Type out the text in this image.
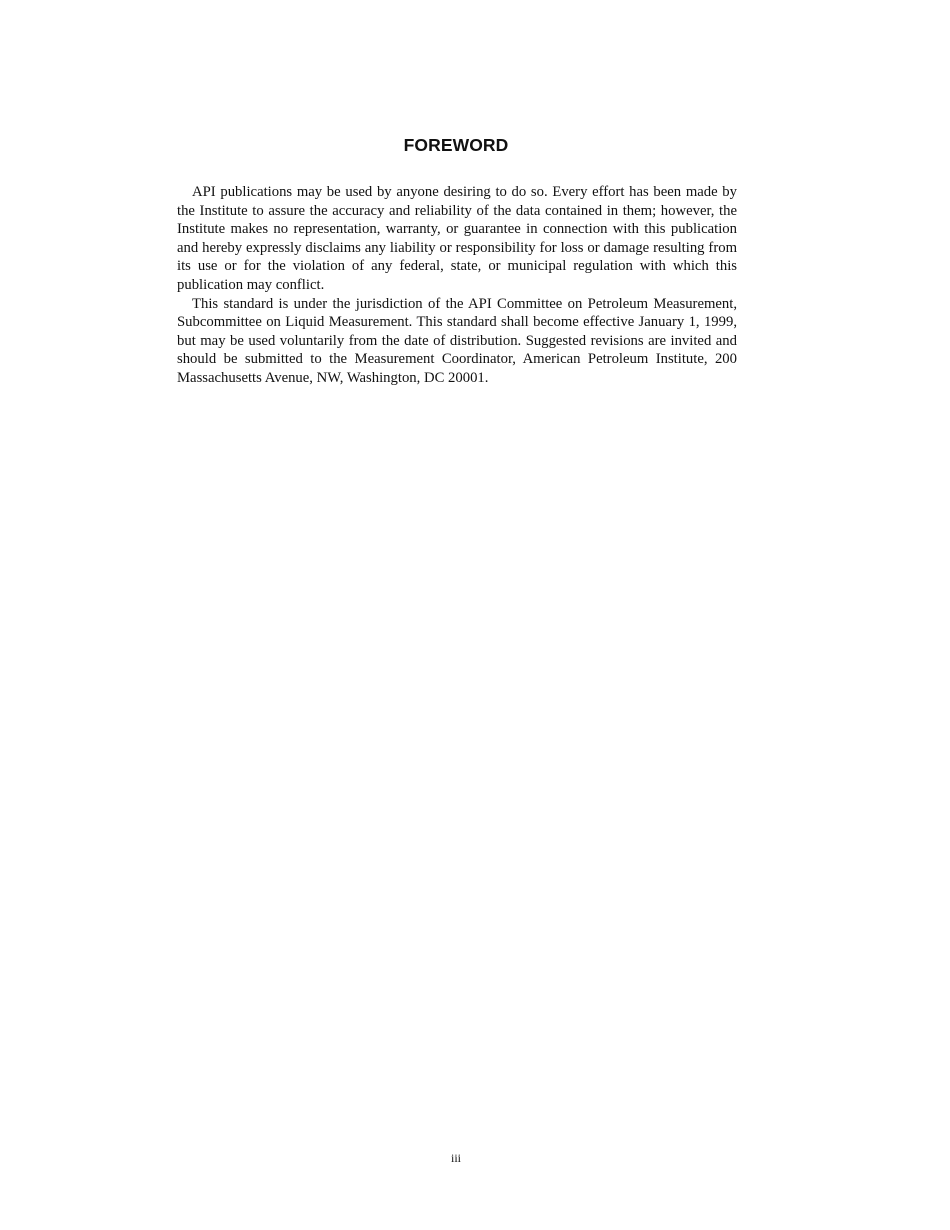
FOREWORD

API publications may be used by anyone desiring to do so. Every effort has been made by the Institute to assure the accuracy and reliability of the data contained in them; however, the Institute makes no representation, warranty, or guarantee in connection with this publication and hereby expressly disclaims any liability or responsibility for loss or damage resulting from its use or for the violation of any federal, state, or municipal regulation with which this publication may conflict.

This standard is under the jurisdiction of the API Committee on Petroleum Measurement, Subcommittee on Liquid Measurement. This standard shall become effective January 1, 1999, but may be used voluntarily from the date of distribution. Suggested revisions are invited and should be submitted to the Measurement Coordinator, American Petroleum Institute, 200 Massachusetts Avenue, NW, Washington, DC 20001.

iii
